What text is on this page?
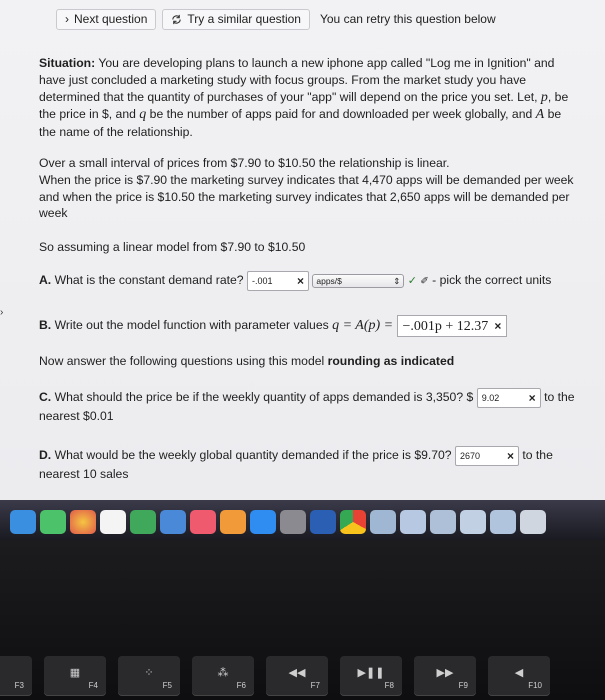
› Next question	Try a similar question You can retry this question below
Situation: You are developing plans to launch a new iphone app called "Log me in Ignition" and
have just concluded a marketing study with focus groups. From the market study you have
determined that the quantity of purchases of your "app" will depend on the price you set. Let, p, be
the price in $, and q be the number of apps paid for and downloaded per week globally, and A be
the name of the relationship.
Over a small interval of prices from $7.90 to $10.50 the relationship is linear.
When the price is $7.90 the marketing survey indicates that 4,470 apps will be demanded per week
and when the price is $10.50 the marketing survey indicates that 2,650 apps will be demanded per
week
So assuming a linear model from $7.90 to $10.50
A. What is the constant demand rate? -.001 ×
apps/$	⇕ ✓ ✐ - pick the correct units
B. Write out the model function with parameter values q = A(p) = −.001p + 12.37 ×
Now answer the following questions using this model rounding as indicated
C. What should the price be if the weekly quantity of apps demanded is 3,350? $ 9.02 × to the
nearest $0.01
D. What would be the weekly global quantity demanded if the price is $9.70? 2670 × to the
nearest 10 sales
›
F3
▦
F4
⁘
F5
⁂
F6
◀◀
F7
▶❚❚
F8
▶▶
F9
◀
F10
